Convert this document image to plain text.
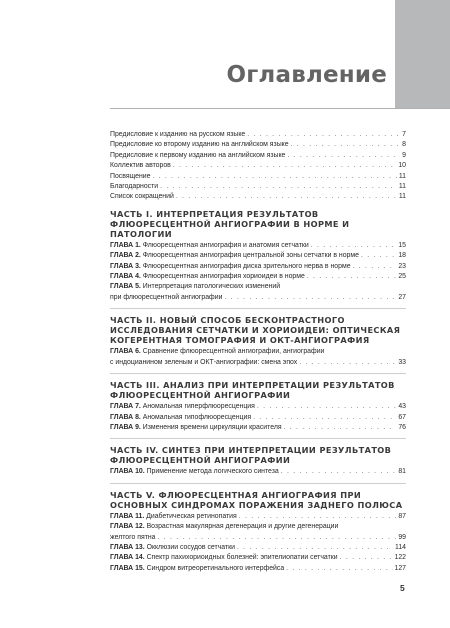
Оглавление
Предисловие к изданию на русском языке . . .	7
Предисловие ко второму изданию на английском языке . . .	8
Предисловие к первому изданию на английском языке . . .	9
Коллектив авторов . . .	10
Посвящение . . .	11
Благодарности . . .	11
Список сокращений . . .	11
ЧАСТЬ I. ИНТЕРПРЕТАЦИЯ РЕЗУЛЬТАТОВ ФЛЮОРЕСЦЕНТНОЙ АНГИОГРАФИИ В НОРМЕ И ПАТОЛОГИИ
ГЛАВА 1. Флюоресцентная ангиография и анатомия сетчатки . . .	15
ГЛАВА 2. Флюоресцентная ангиография центральной зоны сетчатки в норме . . .	18
ГЛАВА 3. Флюоресцентная ангиография диска зрительного нерва в норме . . .	23
ГЛАВА 4. Флюоресцентная ангиография хориоидеи в норме . . .	25
ГЛАВА 5. Интерпретация патологических изменений
при флюоресцентной ангиографии . . .	27
ЧАСТЬ II. НОВЫЙ СПОСОБ БЕСКОНТРАСТНОГО ИССЛЕДОВАНИЯ СЕТЧАТКИ И ХОРИОИДЕИ: ОПТИЧЕСКАЯ КОГЕРЕНТНАЯ ТОМОГРАФИЯ И ОКТ-АНГИОГРАФИЯ
ГЛАВА 6. Сравнение флюоресцентной ангиографии, ангиографии
с индоцианином зеленым и ОКТ-ангиографии: смена эпох . . .	33
ЧАСТЬ III. АНАЛИЗ ПРИ ИНТЕРПРЕТАЦИИ РЕЗУЛЬТАТОВ ФЛЮОРЕСЦЕНТНОЙ АНГИОГРАФИИ
ГЛАВА 7. Аномальная гиперфлюоресценция . . .	43
ГЛАВА 8. Аномальная гипофлюоресценция . . .	67
ГЛАВА 9. Изменения времени циркуляции красителя . . .	76
ЧАСТЬ IV. СИНТЕЗ ПРИ ИНТЕРПРЕТАЦИИ РЕЗУЛЬТАТОВ ФЛЮОРЕСЦЕНТНОЙ АНГИОГРАФИИ
ГЛАВА 10. Применение метода логического синтеза . . .	81
ЧАСТЬ V. ФЛЮОРЕСЦЕНТНАЯ АНГИОГРАФИЯ ПРИ ОСНОВНЫХ СИНДРОМАХ ПОРАЖЕНИЯ ЗАДНЕГО ПОЛЮСА
ГЛАВА 11. Диабетическая ретинопатия . . .	87
ГЛАВА 12. Возрастная макулярная дегенерация и другие дегенерации
желтого пятна . . .	99
ГЛАВА 13. Окклюзии сосудов сетчатки . . .	114
ГЛАВА 14. Спектр пахихориоидных болезней: эпителиопатии сетчатки . . .	122
ГЛАВА 15. Синдром витреоретинального интерфейса . . .	127
5
